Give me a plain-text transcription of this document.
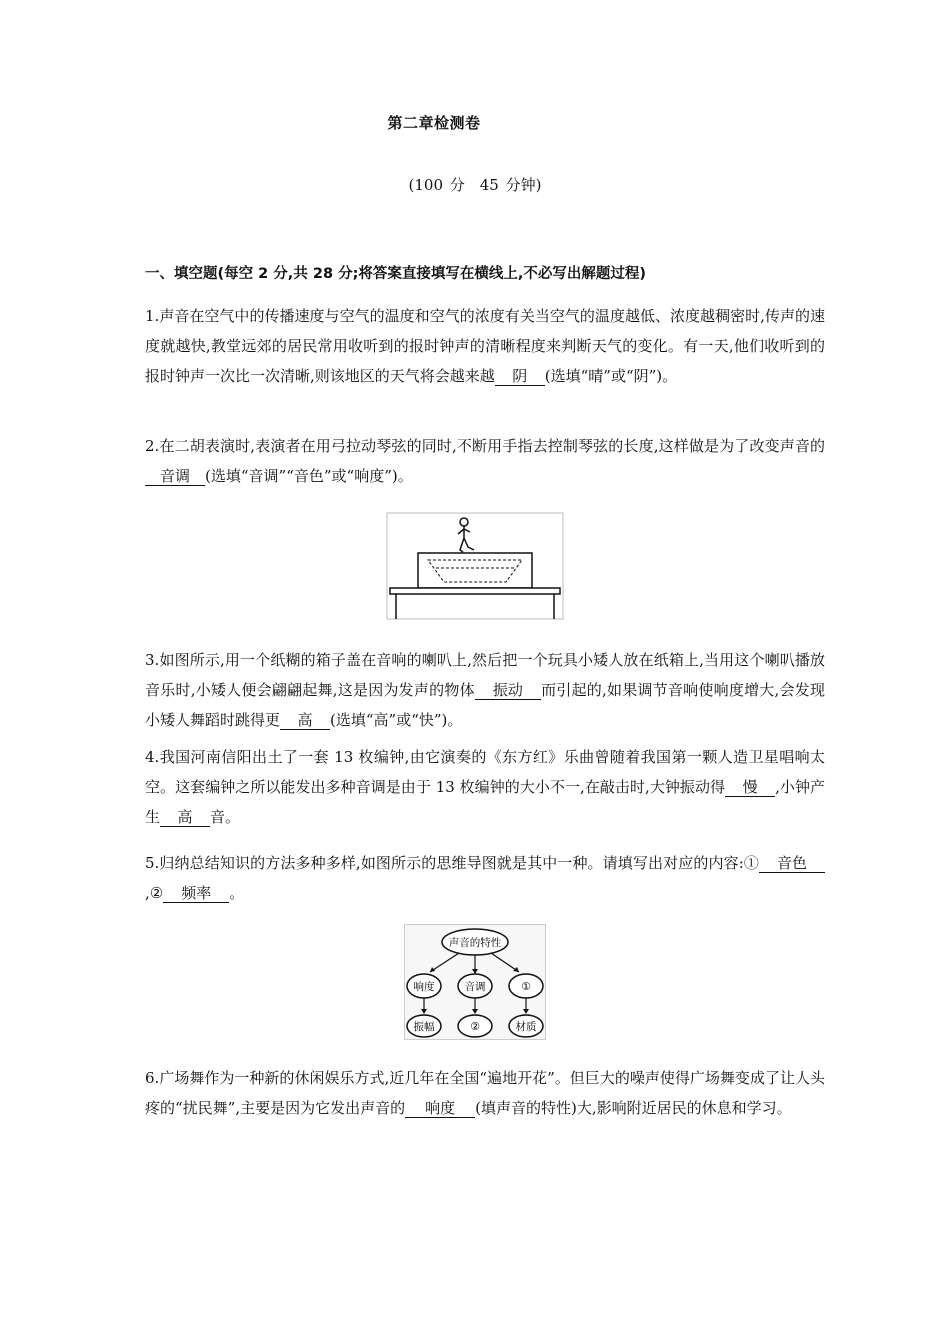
第二章检测卷
(100 分　45 分钟)
一、填空题(每空 2 分,共 28 分;将答案直接填写在横线上,不必写出解题过程)
1.声音在空气中的传播速度与空气的温度和空气的浓度有关当空气的温度越低、浓度越稠密时,传声的速度就越快,教堂远郊的居民常用收听到的报时钟声的清晰程度来判断天气的变化。有一天,他们收听到的报时钟声一次比一次清晰,则该地区的天气将会越来越 阴 (选填“晴”或“阴”)。
2.在二胡表演时,表演者在用弓拉动琴弦的同时,不断用手指去控制琴弦的长度,这样做是为了改变声音的音调 (选填“音调”“音色”或“响度”)。
3.如图所示,用一个纸糊的箱子盖在音响的喇叭上,然后把一个玩具小矮人放在纸箱上,当用这个喇叭播放音乐时,小矮人便会翩翩起舞,这是因为发声的物体 振动 而引起的,如果调节音响使响度增大,会发现小矮人舞蹈时跳得更 高 (选填“高”或“快”)。
4.我国河南信阳出土了一套 13 枚编钟,由它演奏的《东方红》乐曲曾随着我国第一颗人造卫星唱响太空。这套编钟之所以能发出多种音调是由于 13 枚编钟的大小不一,在敲击时,大钟振动得 慢 ,小钟产生 高 音。
5.归纳总结知识的方法多种多样,如图所示的思维导图就是其中一种。请填写出对应的内容:① 音色,② 频率 。
声音的特性
响度	音调	①
振幅	②	材质
6.广场舞作为一种新的休闲娱乐方式,近几年在全国“遍地开花”。但巨大的噪声使得广场舞变成了让人头疼的“扰民舞”,主要是因为它发出声音的 响度 (填声音的特性)大,影响附近居民的休息和学习。
